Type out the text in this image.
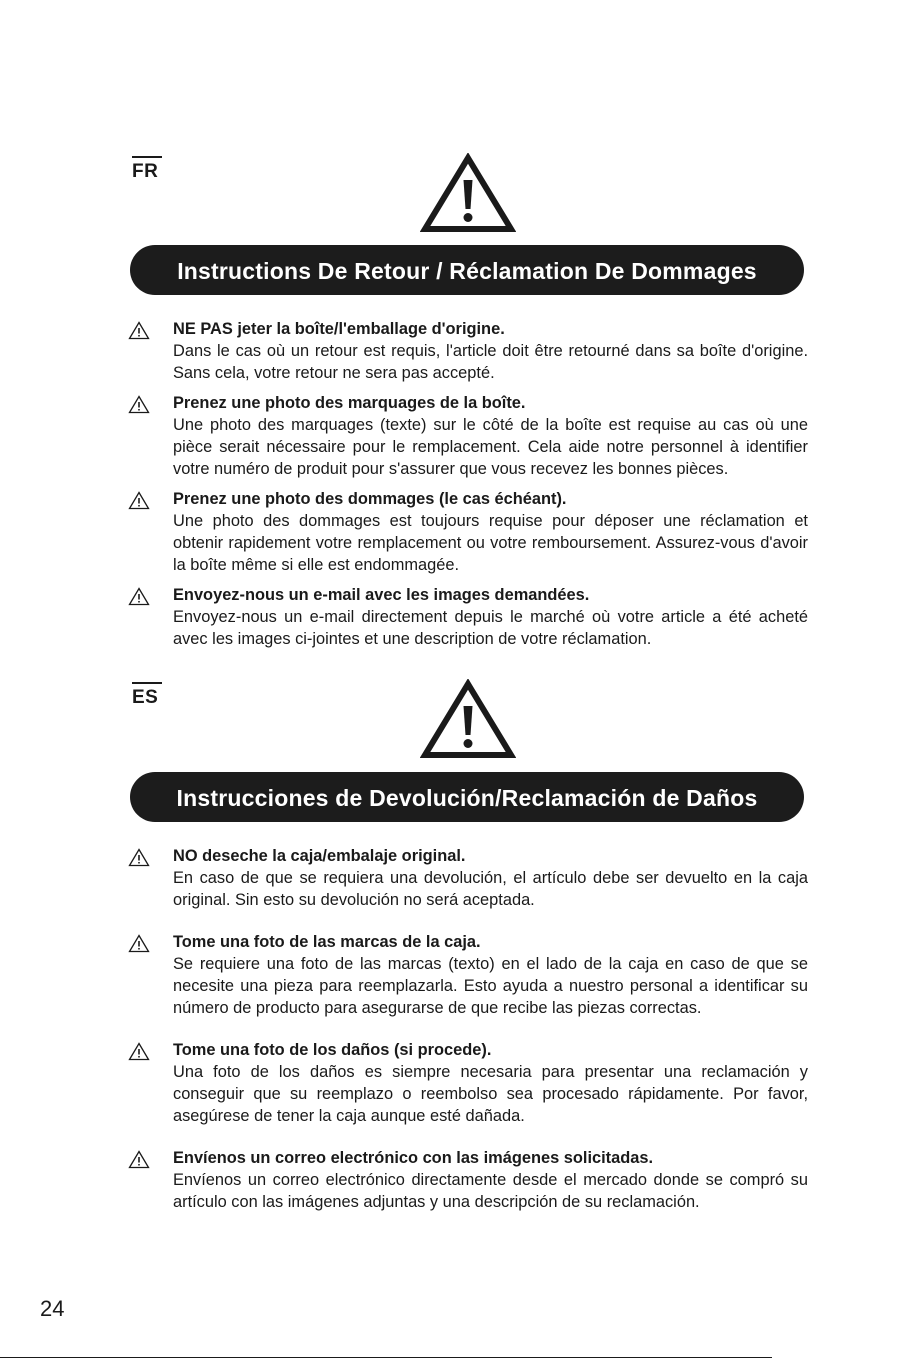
FR
Instructions De Retour / Réclamation De Dommages
NE PAS jeter la boîte/l'emballage d'origine.

Dans le cas où un retour est requis, l'article doit être retourné dans sa boîte d'origine. Sans cela, votre retour ne sera pas accepté.

Prenez une photo des marquages de la boîte.

Une photo des marquages (texte) sur le côté de la boîte est requise au cas où une pièce serait nécessaire pour le remplacement. Cela aide notre personnel à identifier votre numéro de produit pour s'assurer que vous recevez les bonnes pièces.

Prenez une photo des dommages (le cas échéant).

Une photo des dommages est toujours requise pour déposer une réclamation et obtenir rapidement votre remplacement ou votre remboursement. Assurez-vous d'avoir la boîte même si elle est endommagée.

Envoyez-nous un e-mail avec les images demandées.

Envoyez-nous un e-mail directement depuis le marché où votre article a été acheté avec les images ci-jointes et une description de votre réclamation.

ES
Instrucciones de Devolución/Reclamación de Daños
NO deseche la caja/embalaje original.

En caso de que se requiera una devolución, el artículo debe ser devuelto en la caja original. Sin esto su devolución no será aceptada.

Tome una foto de las marcas de la caja.

Se requiere una foto de las marcas (texto) en el lado de la caja en caso de que se necesite una pieza para reemplazarla. Esto ayuda a nuestro personal a identificar su número de producto para asegurarse de que recibe las piezas correctas.

Tome una foto de los daños (si procede).

Una foto de los daños es siempre necesaria para presentar una reclamación y conseguir que su reemplazo o reembolso sea procesado rápidamente. Por favor, asegúrese de tener la caja aunque esté dañada.

Envíenos un correo electrónico con las imágenes solicitadas.

Envíenos un correo electrónico directamente desde el mercado donde se compró su artículo con las imágenes adjuntas y una descripción de su reclamación.

24
